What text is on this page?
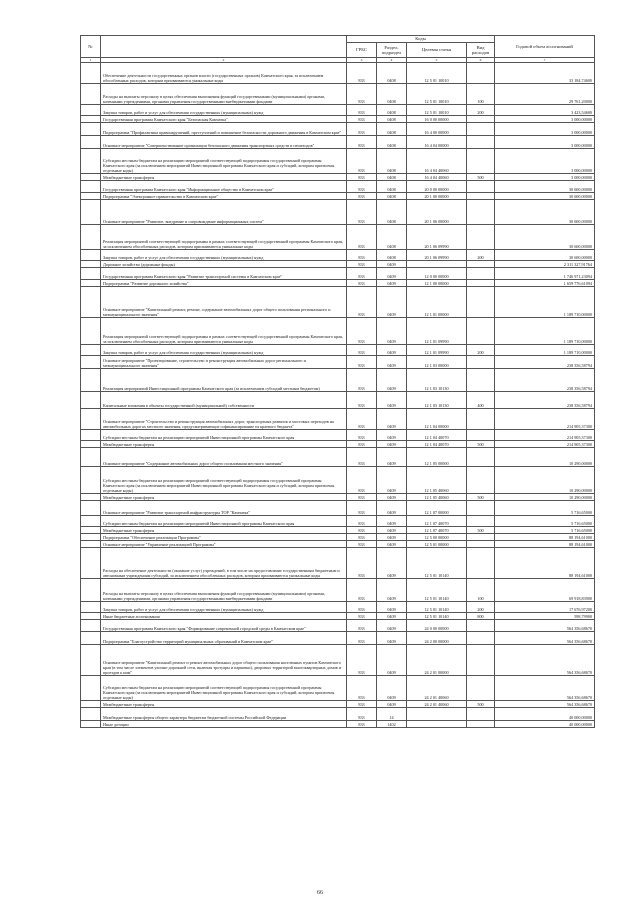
№		Коды				Годовой объем ассигнований
		ГРБС	Раздел, подраздел	Целевая статья	Вид расходов	
1	2	3	4	5	6	7
	Обеспечение деятельности государственных органов власти (государственных органов) Камчатского края, за исключением обособленных расходов, которым присваиваются уникальные коды	833	0408	12 5 01 10010		33 184,74600
	Расходы на выплаты персоналу в целях обеспечения выполнения функций государственными (муниципальными) органами, казенными учреждениями, органами управления государственными внебюджетными фондами	833	0408	12 5 01 10010	100	29 761,20000
	Закупка товаров, работ и услуг для обеспечения государственных (муниципальных) нужд	833	0408	12 5 01 10010	200	3 423,54600
	Государственная программа Камчатского края "Безопасная Камчатка"	833	0408	16 0 00 00000		3 000,00000
	Подпрограмма "Профилактика правонарушений, преступлений и повышение безопасности дорожного движения в Камчатском крае"	833	0408	16 4 00 00000		3 000,00000
	Основное мероприятие "Совершенствование организации безопасного движения транспортных средств и пешеходов"	833	0408	16 4 04 00000		3 000,00000
	Субсидии местным бюджетам на реализацию мероприятий соответствующей подпрограммы государственной программы Камчатского края (за исключением мероприятий Инвестиционной программы Камчатского края и субсидий, которым присвоены отдельные коды)	833	0408	16 4 04 40060		3 000,00000
	Межбюджетные трансферты	833	0408	16 4 04 40060	500	3 000,00000
	Государственная программа Камчатского края "Информационное общество в Камчатском крае"	833	0408	20 0 00 00000		30 600,00000
	Подпрограмма "Электронное правительство в Камчатском крае"	833	0408	20 1 00 00000		30 600,00000
	Основное мероприятие "Развитие, внедрение и сопровождение информационных систем"	833	0408	20 1 06 00000		30 600,00000
	Реализация мероприятий соответствующей подпрограммы в рамках соответствующей государственной программы Камчатского края, за исключением обособленных расходов, которым присваиваются уникальные коды	833	0408	20 1 06 09990		30 600,00000
	Закупка товаров, работ и услуг для обеспечения государственных (муниципальных) нужд	833	0408	20 1 06 09990	200	30 600,00000
	Дорожное хозяйство (дорожные фонды)	833	0409			2 311 327,91764
	Государственная программа Камчатского края "Развитие транспортной системы в Камчатском крае"	833	0409	12 0 00 00000		1 746 971,23094
	Подпрограмма "Развитие дорожного хозяйства"	833	0409	12 1 00 00000		1 659 776,61094
	Основное мероприятие "Капитальный ремонт, ремонт, содержание автомобильных дорог общего пользования регионального и межмуниципального значения"	833	0409	12 1 01 00000		1 189 710,00000
	Реализация мероприятий соответствующей подпрограммы в рамках соответствующей государственной программы Камчатского края, за исключением обособленных расходов, которым присваиваются уникальные коды	833	0409	12 1 01 09990		1 189 710,00000
	Закупка товаров, работ и услуг для обеспечения государственных (муниципальных) нужд	833	0409	12 1 01 09990	200	1 189 710,00000
	Основное мероприятие "Проектирование, строительство и реконструкция автомобильных дорог регионального и межмуниципального значения"	833	0409	12 1 03 00000		238 356,58794
	Реализация мероприятий Инвестиционной программы Камчатского края (за исключением субсидий местным бюджетам)	833	0409	12 1 03 10130		238 356,58794
	Капитальные вложения в объекты государственной (муниципальной) собственности	833	0409	12 1 03 10130	400	238 356,58794
	Основное мероприятие "Строительство и реконструкция автомобильных дорог, транспортных развязок и мостовых переходов на автомобильных дорогах местного значения, предусматривающие софинансирование из краевого бюджета"	833	0409	12 1 04 00000		214 905,37300
	Субсидии местным бюджетам на реализацию мероприятий Инвестиционной программы Камчатского края	833	0409	12 1 04 40070		214 905,37300
	Межбюджетные трансферты	833	0409	12 1 04 40070	500	214 905,37300
	Основное мероприятие "Содержание автомобильных дорог общего пользования местного значения"	833	0409	12 1 05 00000		10 290,00000
	Субсидии местным бюджетам на реализацию мероприятий соответствующей подпрограммы государственной программы Камчатского края (за исключением мероприятий Инвестиционной программы Камчатского края и субсидий, которым присвоены отдельные коды)	833	0409	12 1 05 40060		10 290,00000
	Межбюджетные трансферты	833	0409	12 1 05 40060	500	10 290,00000
	Основное мероприятие "Развитие транспортной инфраструктуры ТОР "Камчатка"	833	0409	12 1 07 00000		5 716,65000
	Субсидии местным бюджетам на реализацию мероприятий Инвестиционной программы Камчатского края	833	0409	12 1 07 40070		5 716,65000
	Межбюджетные трансферты	833	0409	12 1 07 40070	500	5 716,65000
	Подпрограмма "Обеспечение реализации Программы"	833	0409	12 5 00 00000		88 194,61000
	Основное мероприятие "Управление реализацией Программы"	833	0409	12 5 01 00000		88 194,61000
	Расходы на обеспечение деятельности (оказание услуг) учреждений, в том числе на предоставление государственным бюджетным и автономным учреждениям субсидий, за исключением обособленных расходов, которым присваиваются уникальные коды	833	0409	12 5 01 10140		88 194,61000
	Расходы на выплаты персоналу в целях обеспечения выполнения функций государственными (муниципальными) органами, казенными учреждениями, органами управления государственными внебюджетными фондами	833	0409	12 5 01 10140	100	69 918,83900
	Закупка товаров, работ и услуг для обеспечения государственных (муниципальных) нужд	833	0409	12 5 01 10140	200	17 676,97200
	Иные бюджетные ассигнования	833	0409	12 5 01 10140	800	598,79900
	Государственная программа Камчатского края "Формирование современной городской среды в Камчатском крае"	833	0409	24 0 00 00000		564 356,68670
	Подпрограмма "Благоустройство территорий муниципальных образований в Камчатском крае"	833	0409	24 2 00 00000		564 356,68670
	Основное мероприятие "Капитальный ремонт и ремонт автомобильных дорог общего пользования населенных пунктов Камчатского края (в том числе элементов улично-дорожной сети, включая тротуары и парковки), дворовых территорий многоквартирных домов и проездов к ним"	833	0409	24 2 01 00000		564 356,68670
	Субсидии местным бюджетам на реализацию мероприятий соответствующей подпрограммы государственной программы Камчатского края (за исключением мероприятий Инвестиционной программы Камчатского края и субсидий, которым присвоены отдельные коды)	833	0409	24 2 01 40060		564 356,68670
	Межбюджетные трансферты	833	0409	24 2 01 40060	500	564 356,68670
	Межбюджетные трансферты общего характера бюджетам бюджетной системы Российской Федерации	833	14			40 000,00000
	Иные дотации	833	1402			40 000,00000
66
